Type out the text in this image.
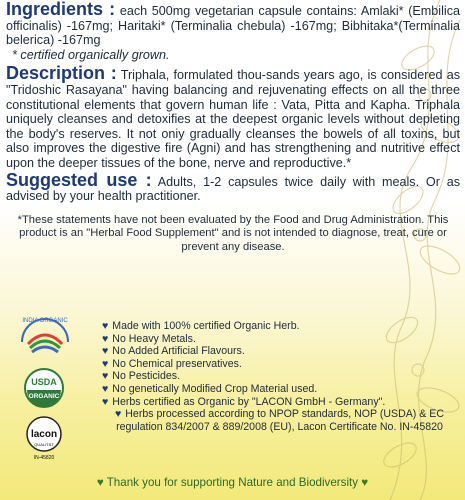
Ingredients : each 500mg vegetarian capsule contains: Amlaki* (Embilica officinalis) -167mg; Haritaki* (Terminalia chebula) -167mg; Bibhitaka*(Terminalia belerica) -167mg

* certified organically grown.

Description : Triphala, formulated thou-sands years ago, is considered as "Tridoshic Rasayana" having balancing and rejuvenating effects on all the three constitutional elements that govern human life : Vata, Pitta and Kapha. Triphala uniquely cleanses and detoxifies at the deepest organic levels without depleting the body's reserves. It not oniy gradually cleanses the bowels of all toxins, but also improves the digestive fire (Agni) and has strengthening and nutritive effect upon the deeper tissues of the bone, nerve and reproductive.*

Suggested use : Adults, 1-2 capsules twice daily with meals. Or as advised by your health practitioner.

*These statements have not been evaluated by the Food and Drug Administration. This product is an "Herbal Food Supplement" and is not intended to diagnose, treat, cure or prevent any disease.

INDIA ORGANIC
USDA
ORGANIC
lacon
QUALITÄT
IN-45820
♥ Made with 100% certified Organic Herb.
♥ No Heavy Metals.
♥ No Added Artificial Flavours.
♥ No Chemical preservatives.
♥ No Pesticides.
♥ No genetically Modified Crop Material used.
♥ Herbs certified as Organic by "LACON GmbH - Germany".
♥ Herbs processed according to NPOP standards, NOP (USDA) & EC regulation 834/2007 & 889/2008 (EU), Lacon Certificate No. IN-45820
♥ Thank you for supporting Nature and Biodiversity ♥
